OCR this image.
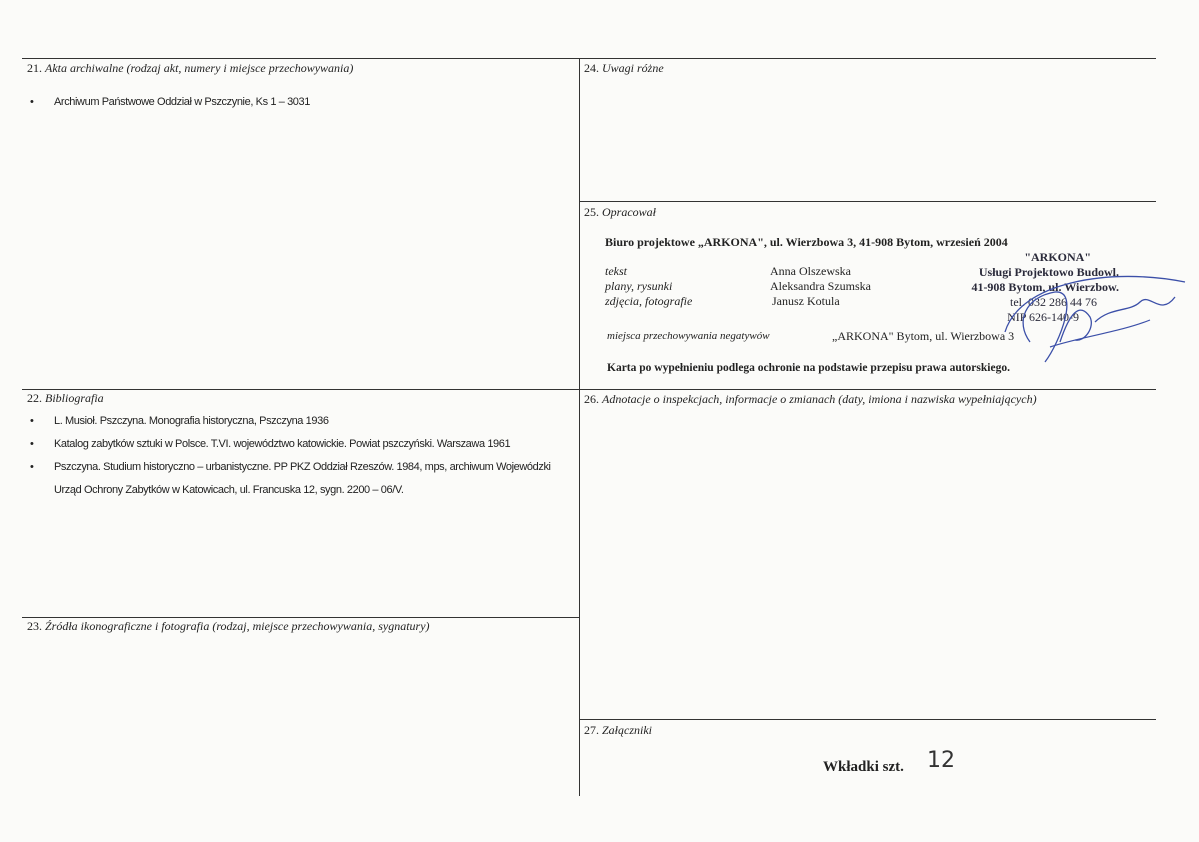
21. Akta archiwalne (rodzaj akt, numery i miejsce przechowywania)
• Archiwum Państwowe Oddział w Pszczynie, Ks 1 – 3031
22. Bibliografia
• L. Musioł. Pszczyna. Monografia historyczna, Pszczyna 1936
• Katalog zabytków sztuki w Polsce. T.VI. województwo katowickie. Powiat pszczyński. Warszawa 1961
• Pszczyna. Studium historyczno – urbanistyczne. PP PKZ Oddział Rzeszów. 1984, mps, archiwum Wojewódzki Urząd Ochrony Zabytków w Katowicach, ul. Francuska 12, sygn. 2200 – 06/V.
23. Źródła ikonograficzne i fotografia (rodzaj, miejsce przechowywania, sygnatury)
24. Uwagi różne
25. Opracował
Biuro projektowe „ARKONA", ul. Wierzbowa 3, 41-908 Bytom, wrzesień 2004
tekst	Anna Olszewska
plany, rysunki	Aleksandra Szumska
zdjęcia, fotografie	Janusz Kotula
miejsca przechowywania negatywów	„ARKONA" Bytom, ul. Wierzbowa 3
Karta po wypełnieniu podlega ochronie na podstawie przepisu prawa autorskiego.
"ARKONA"
Usługi Projektowo Budowl.
41-908 Bytom, ul. Wierzbow.
tel. 032 286 44 76
NIP 626-140-9
26. Adnotacje o inspekcjach, informacje o zmianach (daty, imiona i nazwiska wypełniających)
27. Załączniki
Wkładki szt. 12
